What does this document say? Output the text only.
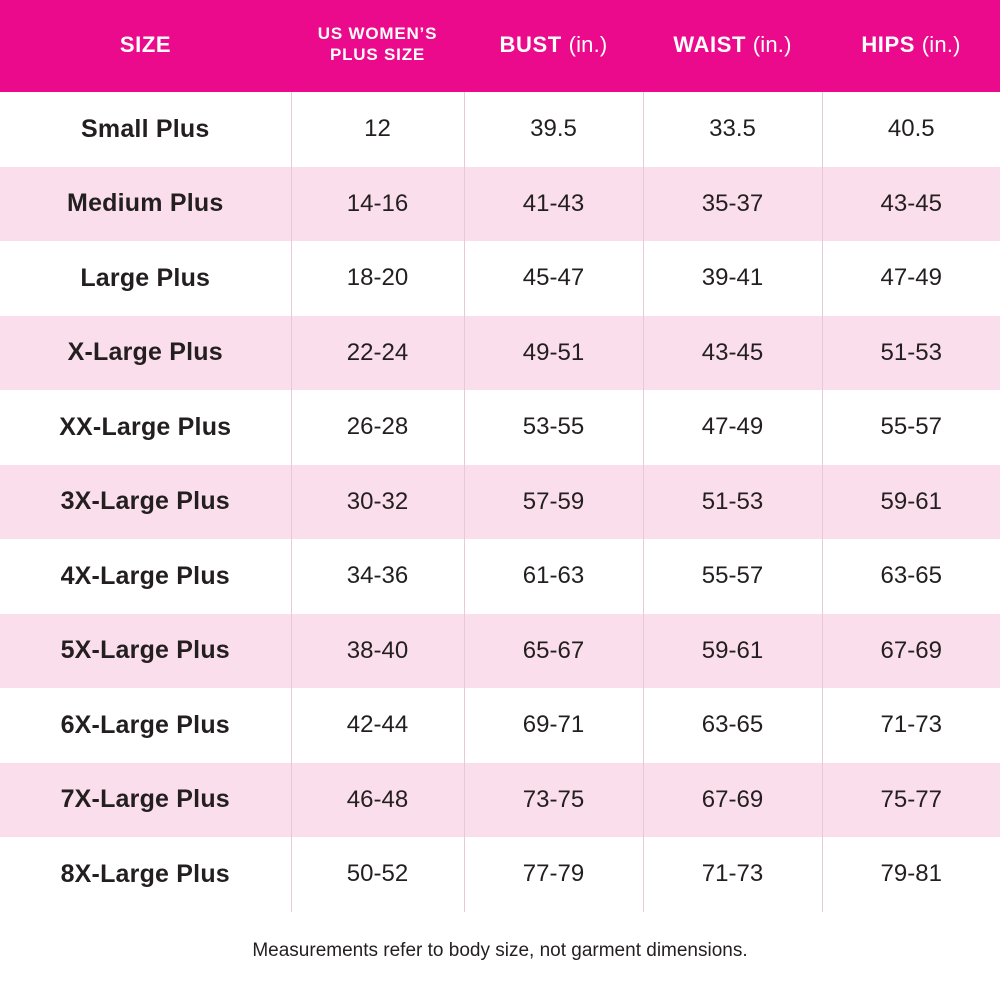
SIZE	US WOMEN’S PLUS SIZE	BUST (in.)	WAIST (in.)	HIPS (in.)
Small Plus	12	39.5	33.5	40.5
Medium Plus	14-16	41-43	35-37	43-45
Large Plus	18-20	45-47	39-41	47-49
X-Large Plus	22-24	49-51	43-45	51-53
XX-Large Plus	26-28	53-55	47-49	55-57
3X-Large Plus	30-32	57-59	51-53	59-61
4X-Large Plus	34-36	61-63	55-57	63-65
5X-Large Plus	38-40	65-67	59-61	67-69
6X-Large Plus	42-44	69-71	63-65	71-73
7X-Large Plus	46-48	73-75	67-69	75-77
8X-Large Plus	50-52	77-79	71-73	79-81
Measurements refer to body size, not garment dimensions.
